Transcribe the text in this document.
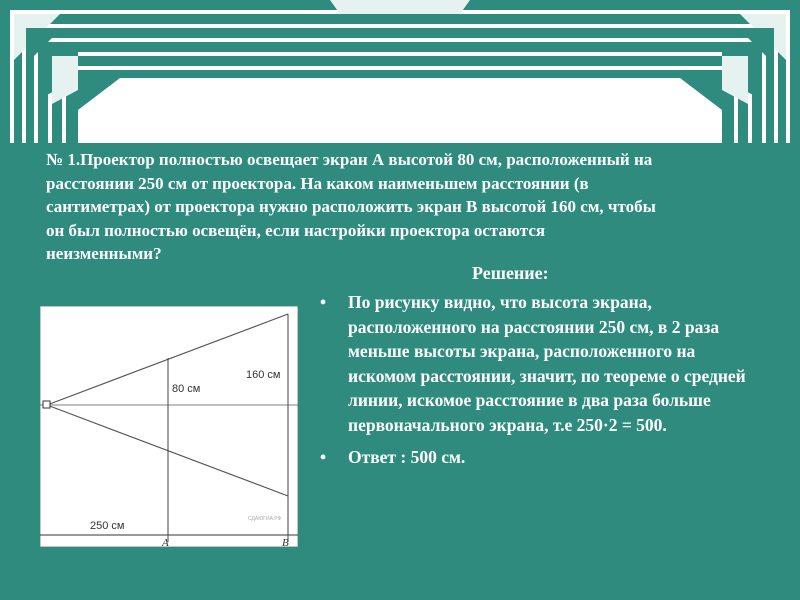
№ 1.Проектор полностью освещает экран А высотой 80 см, расположенный на
расстоянии 250 см от проектора. На каком наименьшем расстоянии (в
сантиметрах) от проектора нужно расположить экран В высотой 160 см, чтобы
он был полностью освещён, если настройки проектора остаются
неизменными?
Решение:
• По рисунку видно, что высота экрана, расположенного на расстоянии 250 см, в 2 раза меньше высоты экрана, расположенного на искомом расстоянии, значит, по теореме о средней линии, искомое расстояние в два раза больше первоначального экрана, т.е 250·2 = 500.
• Ответ : 500 см.
80 см
160 см
250 см
A	B
СДАЮГИА.РФ
